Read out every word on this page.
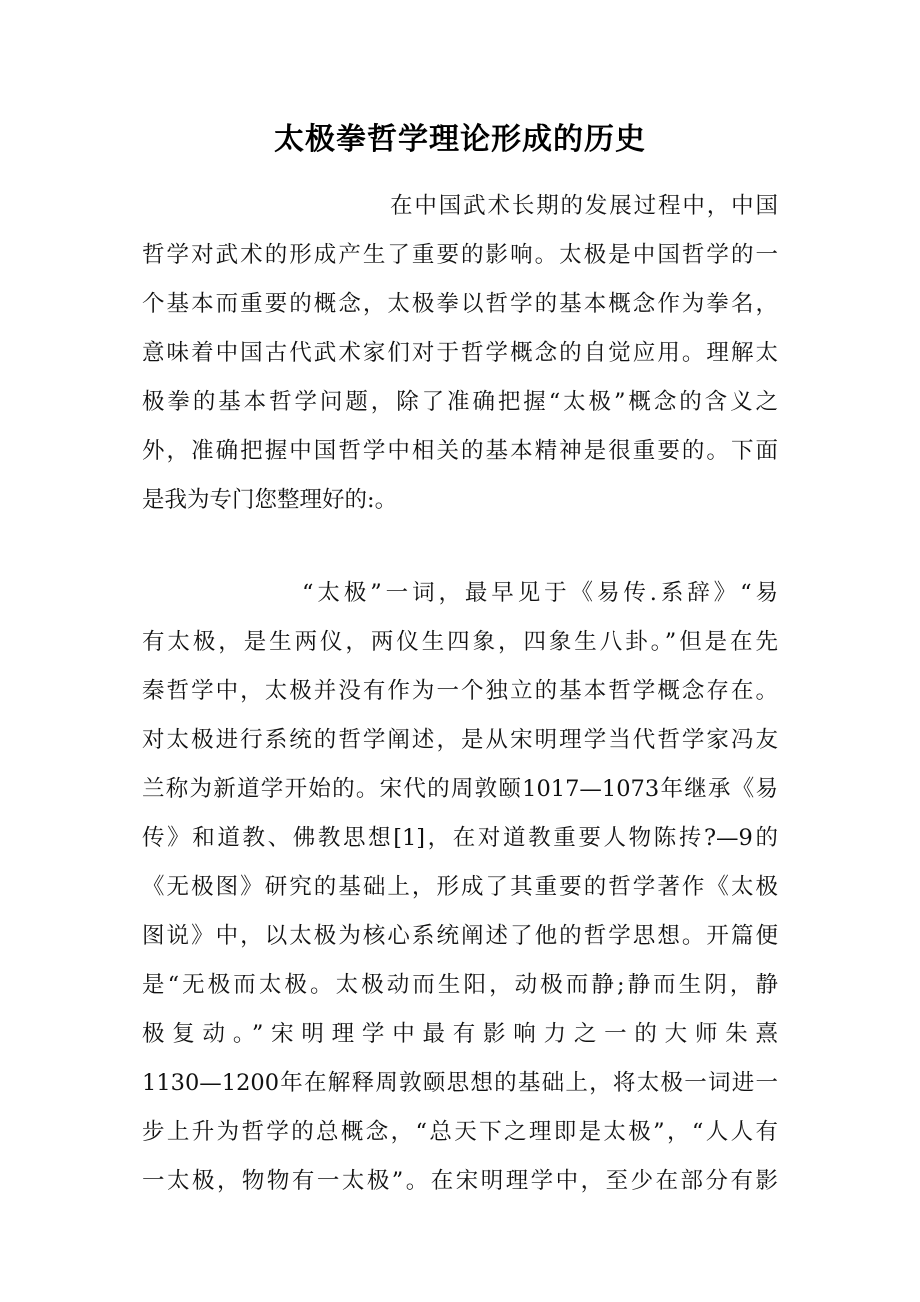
太极拳哲学理论形成的历史
在中国武术长期的发展过程中，中国
哲学对武术的形成产生了重要的影响。太极是中国哲学的一
个基本而重要的概念，太极拳以哲学的基本概念作为拳名，
意味着中国古代武术家们对于哲学概念的自觉应用。理解太
极拳的基本哲学问题，除了准确把握“太极”概念的含义之
外，准确把握中国哲学中相关的基本精神是很重要的。下面
是我为专门您整理好的:。
“太极”一词，最早见于《易传.系辞》“易
有太极，是生两仪，两仪生四象，四象生八卦。”但是在先
秦哲学中，太极并没有作为一个独立的基本哲学概念存在。
对太极进行系统的哲学阐述，是从宋明理学当代哲学家冯友
兰称为新道学开始的。宋代的周敦颐1017—1073年继承《易
传》和道教、佛教思想[1]，在对道教重要人物陈抟?—9的
《无极图》研究的基础上，形成了其重要的哲学著作《太极
图说》中，以太极为核心系统阐述了他的哲学思想。开篇便
是“无极而太极。太极动而生阳，动极而静;静而生阴，静
极复动。”宋明理学中最有影响力之一的大师朱熹
1130—1200年在解释周敦颐思想的基础上，将太极一词进一
步上升为哲学的总概念，“总天下之理即是太极”，“人人有
一太极，物物有一太极”。在宋明理学中，至少在部分有影
